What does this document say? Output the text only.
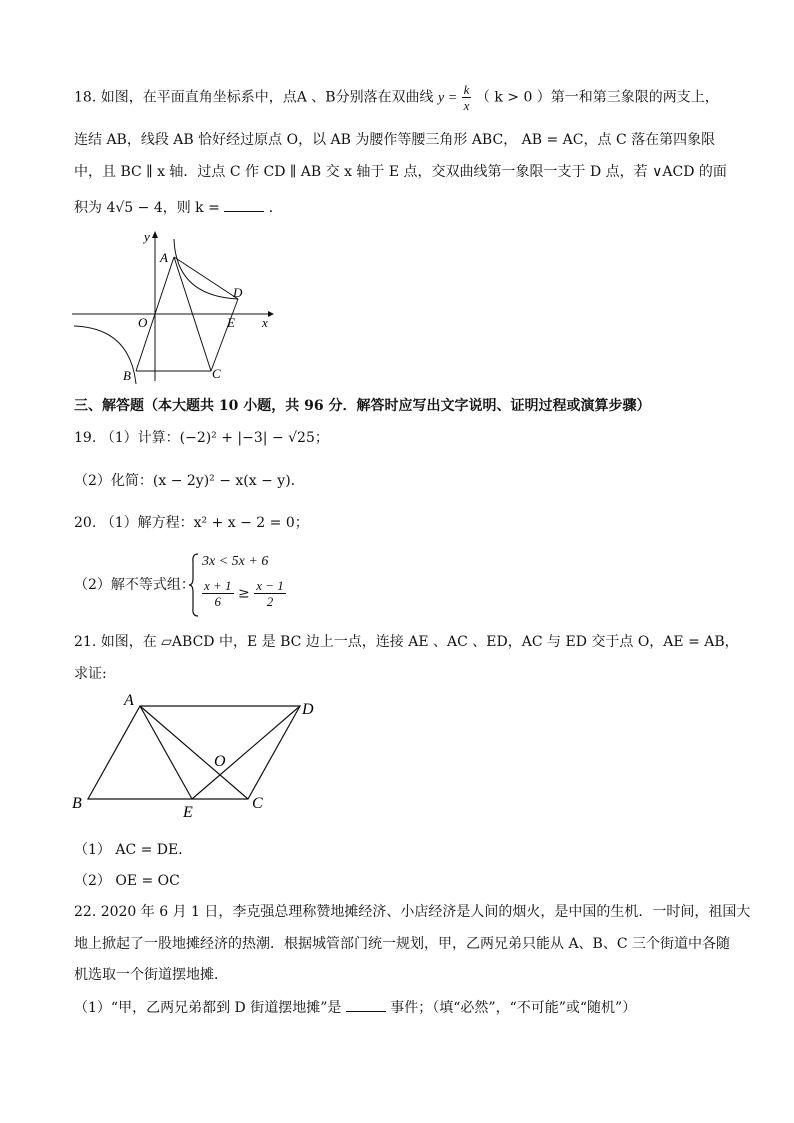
18. 如图，在平面直角坐标系中，点A 、B分别落在双曲线 $y = \frac{k}{x}$ （ k > 0 ）第一和第三象限的两支上，
连结 AB，线段 AB 恰好经过原点 O，以 AB 为腰作等腰三角形 ABC， AB = AC，点 C 落在第四象限
中，且 BC ∥ x 轴．过点 C 作 CD ∥ AB 交 x 轴于 E 点，交双曲线第一象限一支于 D 点，若 ∨ACD 的面
积为 4√5 − 4，则 k =	．
y
x
O
A
B	C
D
E
三、解答题（本大题共 10 小题，共 96 分．解答时应写出文字说明、证明过程或演算步骤）
19. （1）计算：(−2)² + |−3| − √25；
（2）化简：(x − 2y)² − x(x − y)．
20. （1）解方程：x² + x − 2 = 0；
（2）解不等式组：
3x < 5x + 6
$\frac{x + 1}{6} \ge \frac{x - 1}{2}$
21. 如图，在 ▱ABCD 中，E 是 BC 边上一点，连接 AE 、AC 、ED，AC 与 ED 交于点 O，AE = AB，
求证:
A
D
O
B
E
C
（1） AC = DE．
（2） OE = OC
22. 2020 年 6 月 1 日，李克强总理称赞地摊经济、小店经济是人间的烟火，是中国的生机．一时间，祖国大
地上掀起了一股地摊经济的热潮．根据城管部门统一规划，甲，乙两兄弟只能从 A、B、C 三个街道中各随
机选取一个街道摆地摊．
（1）“甲，乙两兄弟都到 D 街道摆地摊”是	事件；（填“必然”，“不可能”或“随机”）
